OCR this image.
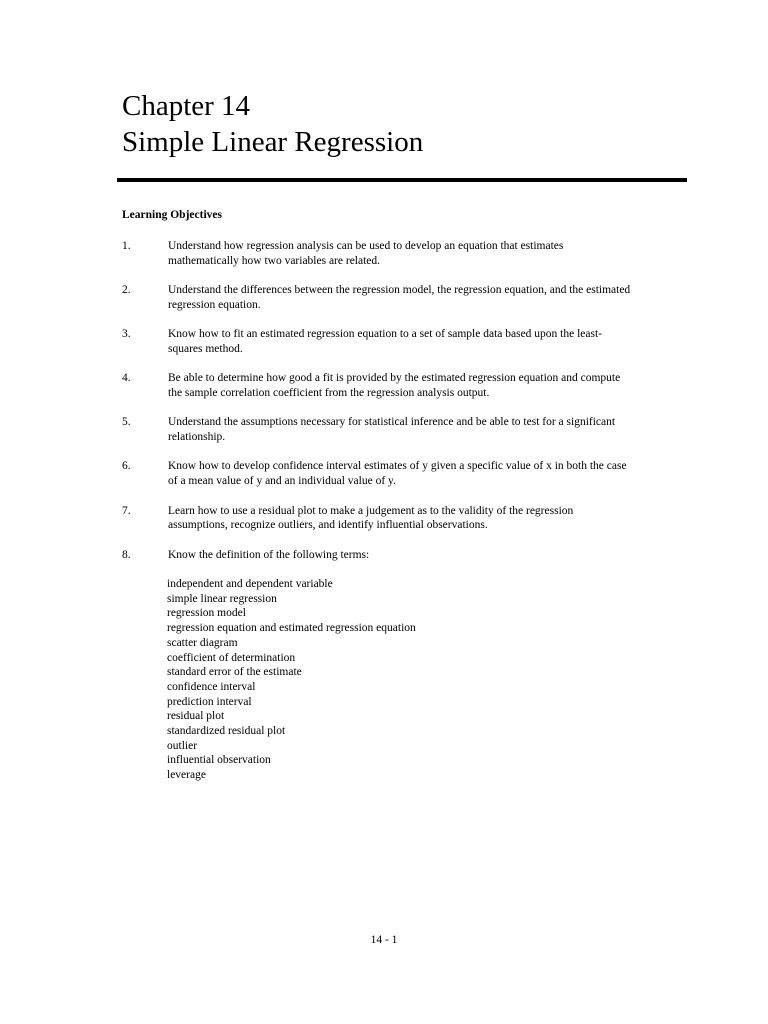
Chapter 14
Simple Linear Regression
Learning Objectives
1.	Understand how regression analysis can be used to develop an equation that estimates
mathematically how two variables are related.
2.	Understand the differences between the regression model, the regression equation, and the estimated
regression equation.
3.	Know how to fit an estimated regression equation to a set of sample data based upon the least-
squares method.
4.	Be able to determine how good a fit is provided by the estimated regression equation and compute
the sample correlation coefficient from the regression analysis output.
5.	Understand the assumptions necessary for statistical inference and be able to test for a significant
relationship.
6.	Know how to develop confidence interval estimates of y given a specific value of x in both the case
of a mean value of y and an individual value of y.
7.	Learn how to use a residual plot to make a judgement as to the validity of the regression
assumptions, recognize outliers, and identify influential observations.
8.	Know the definition of the following terms:
independent and dependent variable
simple linear regression
regression model
regression equation and estimated regression equation
scatter diagram
coefficient of determination
standard error of the estimate
confidence interval
prediction interval
residual plot
standardized residual plot
outlier
influential observation
leverage
14 - 1
